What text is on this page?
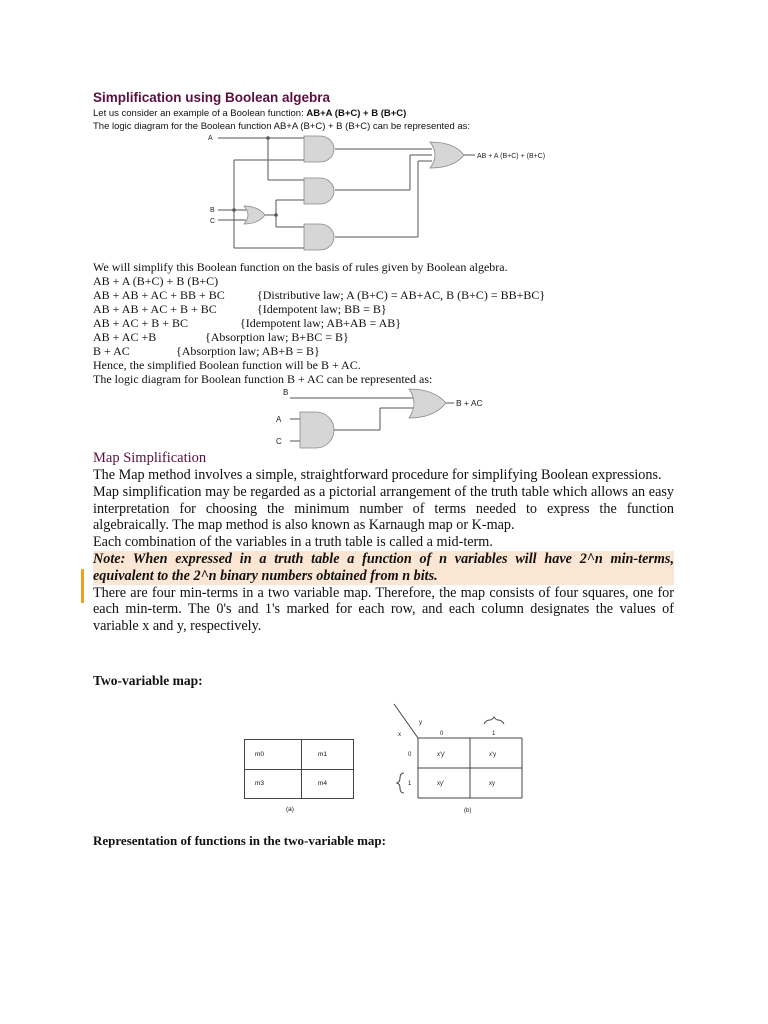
Simplification using Boolean algebra
Let us consider an example of a Boolean function: AB+A (B+C) + B (B+C)
The logic diagram for the Boolean function AB+A (B+C) + B (B+C) can be represented as:
A
B
C
AB + A (B+C) + (B+C)
We will simplify this Boolean function on the basis of rules given by Boolean algebra.
AB + A (B+C) + B (B+C)
AB + AB + AC + BB + BC	{Distributive law; A (B+C) = AB+AC, B (B+C) = BB+BC}
AB + AB + AC + B + BC	{Idempotent law; BB = B}
AB + AC + B + BC	{Idempotent law; AB+AB = AB}
AB + AC +B	{Absorption law; B+BC = B}
B + AC	{Absorption law; AB+B = B}
Hence, the simplified Boolean function will be B + AC.
The logic diagram for Boolean function B + AC can be represented as:
B
A
C
B + AC
Map Simplification
The Map method involves a simple, straightforward procedure for simplifying Boolean expressions.
Map simplification may be regarded as a pictorial arrangement of the truth table which allows an easy interpretation for choosing the minimum number of terms needed to express the function algebraically. The map method is also known as Karnaugh map or K-map.
Each combination of the variables in a truth table is called a mid-term.
Note: When expressed in a truth table a function of n variables will have 2^n min-terms, equivalent to the 2^n binary numbers obtained from n bits.
There are four min-terms in a two variable map. Therefore, the map consists of four squares, one for each min-term. The 0's and 1's marked for each row, and each column designates the values of variable x and y, respectively.
Two-variable map:
m0	m1
m3	m4
(a)
x
y
0	1
0
1
x'y'	x'y
xy'	xy
(b)
Representation of functions in the two-variable map:
